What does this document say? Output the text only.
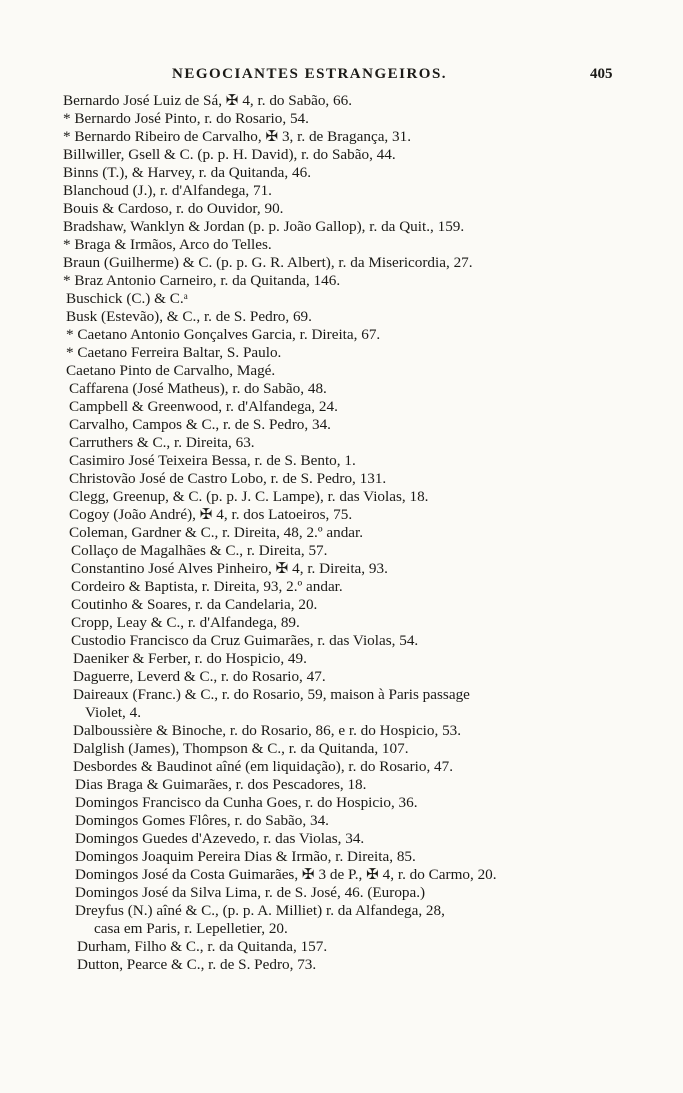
NEGOCIANTES ESTRANGEIROS.	405
Bernardo José Luiz de Sá, ✠ 4, r. do Sabão, 66.
* Bernardo José Pinto, r. do Rosario, 54.
* Bernardo Ribeiro de Carvalho, ✠ 3, r. de Bragança, 31.
Billwiller, Gsell & C. (p. p. H. David), r. do Sabão, 44.
Binns (T.), & Harvey, r. da Quitanda, 46.
Blanchoud (J.), r. d'Alfandega, 71.
Bouis & Cardoso, r. do Ouvidor, 90.
Bradshaw, Wanklyn & Jordan (p. p. João Gallop), r. da Quit., 159.
* Braga & Irmãos, Arco do Telles.
Braun (Guilherme) & C. (p. p. G. R. Albert), r. da Misericordia, 27.
* Braz Antonio Carneiro, r. da Quitanda, 146.
Buschick (C.) & C.ᵃ
Busk (Estevão), & C., r. de S. Pedro, 69.
* Caetano Antonio Gonçalves Garcia, r. Direita, 67.
* Caetano Ferreira Baltar, S. Paulo.
Caetano Pinto de Carvalho, Magé.
Caffarena (José Matheus), r. do Sabão, 48.
Campbell & Greenwood, r. d'Alfandega, 24.
Carvalho, Campos & C., r. de S. Pedro, 34.
Carruthers & C., r. Direita, 63.
Casimiro José Teixeira Bessa, r. de S. Bento, 1.
Christovão José de Castro Lobo, r. de S. Pedro, 131.
Clegg, Greenup, & C. (p. p. J. C. Lampe), r. das Violas, 18.
Cogoy (João André), ✠ 4, r. dos Latoeiros, 75.
Coleman, Gardner & C., r. Direita, 48, 2.º andar.
Collaço de Magalhães & C., r. Direita, 57.
Constantino José Alves Pinheiro, ✠ 4, r. Direita, 93.
Cordeiro & Baptista, r. Direita, 93, 2.º andar.
Coutinho & Soares, r. da Candelaria, 20.
Cropp, Leay & C., r. d'Alfandega, 89.
Custodio Francisco da Cruz Guimarães, r. das Violas, 54.
Daeniker & Ferber, r. do Hospicio, 49.
Daguerre, Leverd & C., r. do Rosario, 47.
Daireaux (Franc.) & C., r. do Rosario, 59, maison à Paris passage
Violet, 4.
Dalboussière & Binoche, r. do Rosario, 86, e r. do Hospicio, 53.
Dalglish (James), Thompson & C., r. da Quitanda, 107.
Desbordes & Baudinot aîné (em liquidação), r. do Rosario, 47.
Dias Braga & Guimarães, r. dos Pescadores, 18.
Domingos Francisco da Cunha Goes, r. do Hospicio, 36.
Domingos Gomes Flôres, r. do Sabão, 34.
Domingos Guedes d'Azevedo, r. das Violas, 34.
Domingos Joaquim Pereira Dias & Irmão, r. Direita, 85.
Domingos José da Costa Guimarães, ✠ 3 de P., ✠ 4, r. do Carmo, 20.
Domingos José da Silva Lima, r. de S. José, 46. (Europa.)
Dreyfus (N.) aîné & C., (p. p. A. Milliet) r. da Alfandega, 28,
casa em Paris, r. Lepelletier, 20.
Durham, Filho & C., r. da Quitanda, 157.
Dutton, Pearce & C., r. de S. Pedro, 73.
